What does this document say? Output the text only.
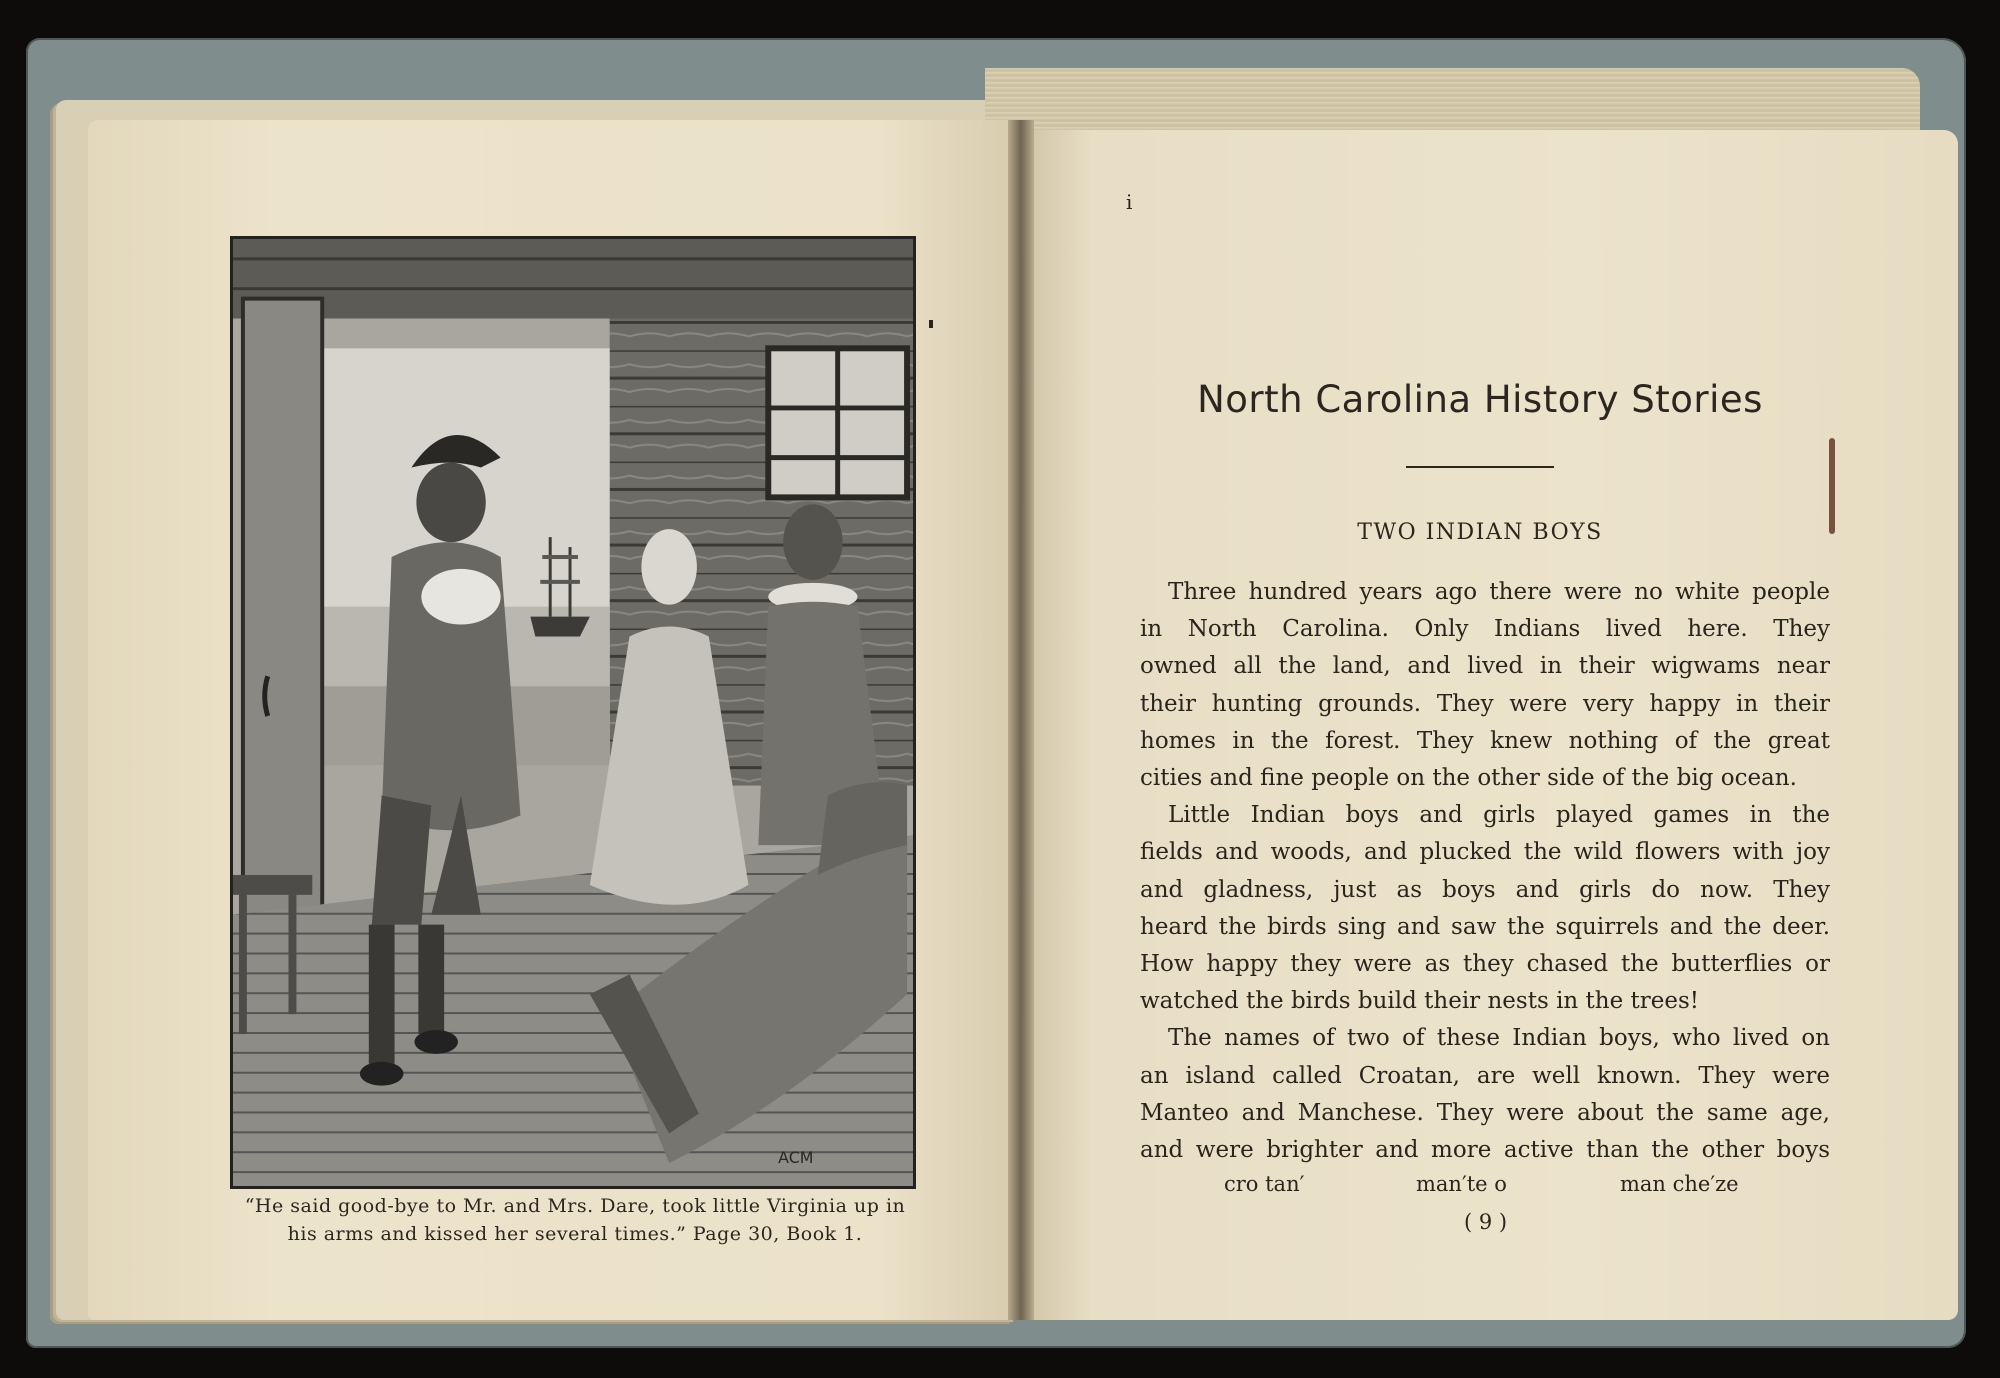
ACM
“He said good-bye to Mr. and Mrs. Dare, took little Virginia up in
his arms and kissed her several times.” Page 30, Book 1.
i
North Carolina History Stories
TWO INDIAN BOYS
Three hundred years ago there were no white people
in North Carolina. Only Indians lived here. They
owned all the land, and lived in their wigwams near
their hunting grounds. They were very happy in their
homes in the forest. They knew nothing of the great
cities and fine people on the other side of the big ocean.
Little Indian boys and girls played games in the
fields and woods, and plucked the wild flowers with joy
and gladness, just as boys and girls do now. They
heard the birds sing and saw the squirrels and the deer.
How happy they were as they chased the butterflies or
watched the birds build their nests in the trees!
The names of two of these Indian boys, who lived on
an island called Croatan, are well known. They were
Manteo and Manchese. They were about the same age,
and were brighter and more active than the other boys
cro tan′	man′te o	man che′ze
( 9 )
